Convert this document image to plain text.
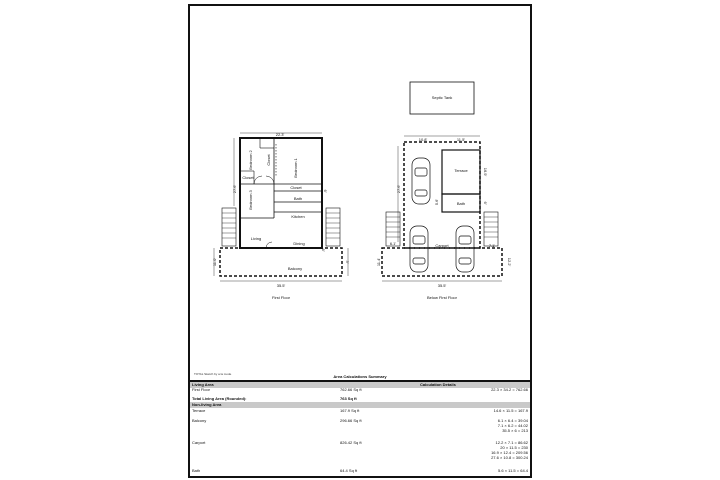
22.3'
35.5'
27.6'
11.0'
6'
6'
3'
Bedroom 2	Bedroom 1
Bedroom 3
Closet
Closet
Closet
Bath
Kitchen
Living
Dining
Balcony
First Floor
Septic Tank
10.8'	11.5'
27.6'
5.6'
16.9'
6'
6.1'	7.1'
11.4'	12.2'
35.5'
Terrace
Bath
Carport
Below First Floor
TOTAL Sketch by a la mode	Area Calculations Summary
Living Area	Calculation Details
First Floor	762.66 Sq ft	22.3 × 34.2 = 762.66
Total Living Area (Rounded):	763 Sq ft
Non-living Area
Terrace	167.9 Sq ft	14.6 × 11.5 = 167.9
Balcony	296.66 Sq ft	6.1 × 6.4 = 39.04
7.1 × 6.2 = 44.02
35.5 × 6 = 213
Carport	826.42 Sq ft	12.2 × 7.1 = 86.62
20 × 11.5 = 230
16.9 × 12.4 = 209.56
27.6 × 10.8 = 300.24
Bath	64.4 Sq ft	5.6 × 11.5 = 64.4
